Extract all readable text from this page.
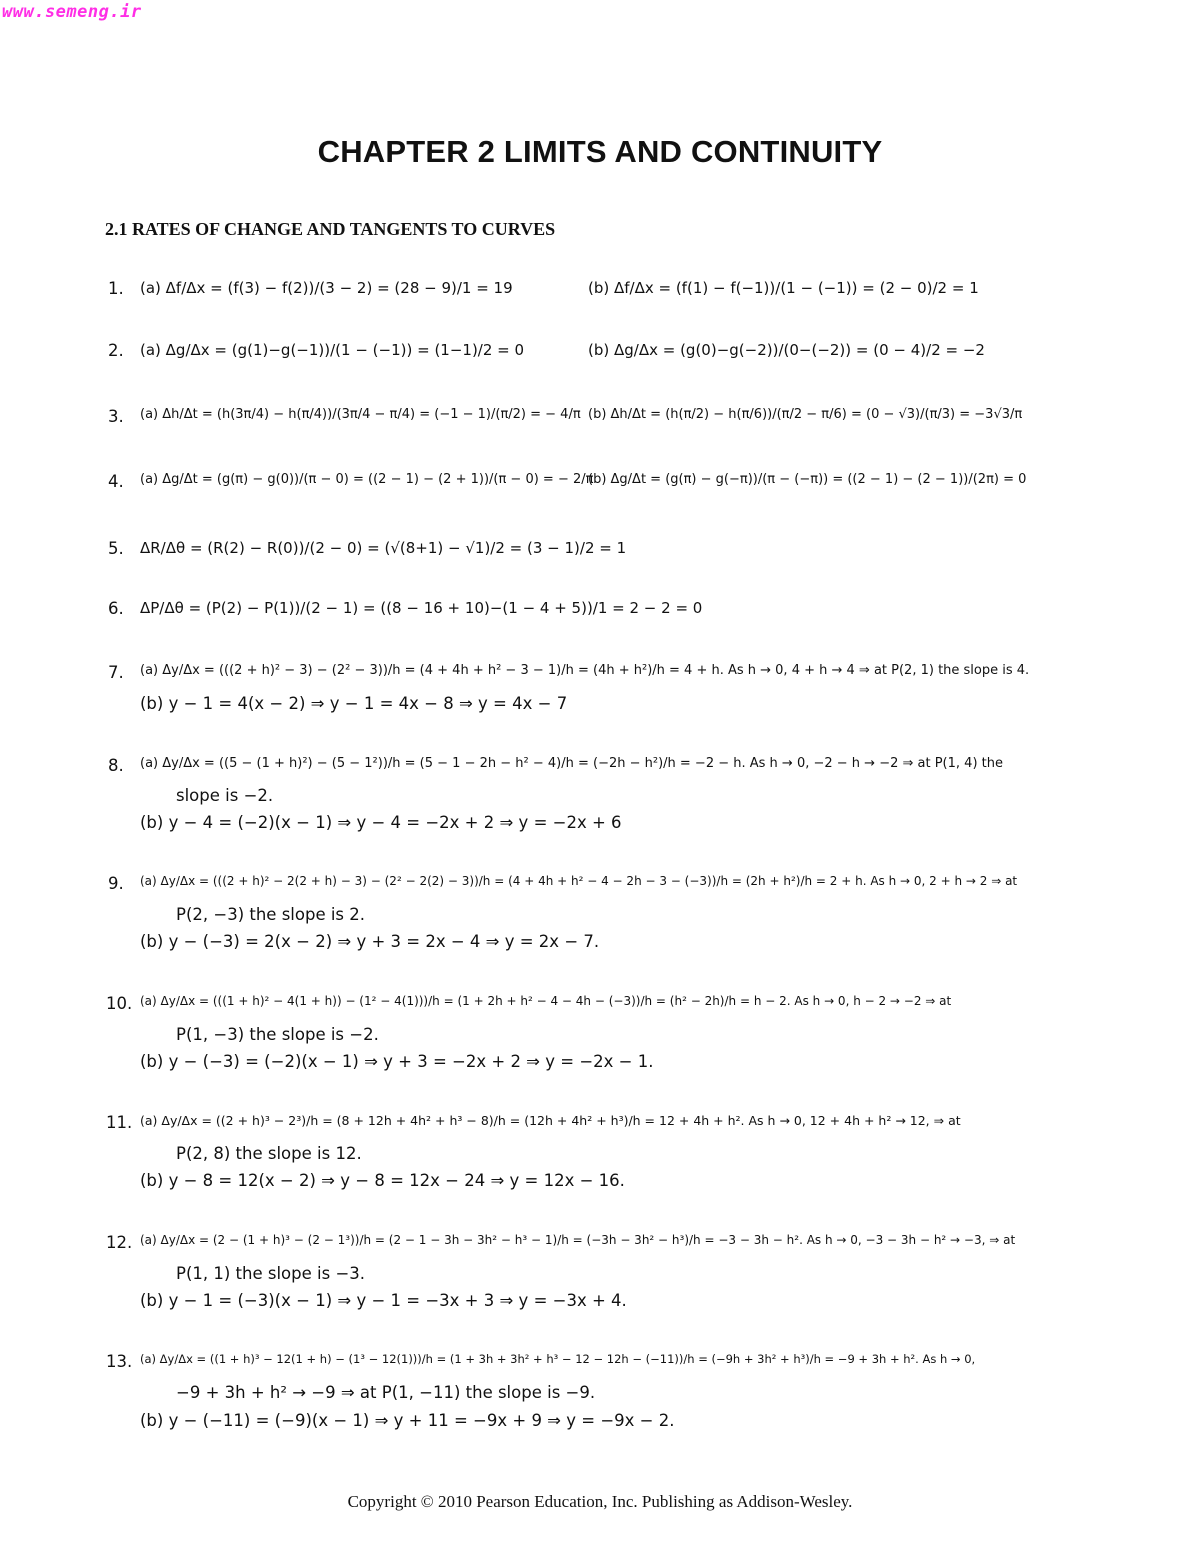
www.semeng.ir
CHAPTER 2 LIMITS AND CONTINUITY
2.1 RATES OF CHANGE AND TANGENTS TO CURVES
1. (a) Δf/Δx = (f(3) − f(2))/(3 − 2) = (28 − 9)/1 = 19	(b) Δf/Δx = (f(1) − f(−1))/(1 − (−1)) = (2 − 0)/2 = 1
2. (a) Δg/Δx = (g(1)−g(−1))/(1 − (−1)) = (1−1)/2 = 0	(b) Δg/Δx = (g(0)−g(−2))/(0−(−2)) = (0 − 4)/2 = −2
3. (a) Δh/Δt = (h(3π/4) − h(π/4))/(3π/4 − π/4) = (−1 − 1)/(π/2) = − 4/π (b) Δh/Δt = (h(π/2) − h(π/6))/(π/2 − π/6) = (0 − √3)/(π/3) = −3√3/π
4. (a) Δg/Δt = (g(π) − g(0))/(π − 0) = ((2 − 1) − (2 + 1))/(π − 0) = − 2/π
(b) Δg/Δt = (g(π) − g(−π))/(π − (−π)) = ((2 − 1) − (2 − 1))/(2π) = 0
5. ΔR/Δθ = (R(2) − R(0))/(2 − 0) = (√(8+1) − √1)/2 = (3 − 1)/2 = 1
6. ΔP/Δθ = (P(2) − P(1))/(2 − 1) = ((8 − 16 + 10)−(1 − 4 + 5))/1 = 2 − 2 = 0
7. (a) Δy/Δx = (((2 + h)² − 3) − (2² − 3))/h = (4 + 4h + h² − 3 − 1)/h = (4h + h²)/h = 4 + h. As h → 0, 4 + h → 4 ⇒ at P(2, 1) the slope is 4.
(b) y − 1 = 4(x − 2) ⇒ y − 1 = 4x − 8 ⇒ y = 4x − 7
8. (a) Δy/Δx = ((5 − (1 + h)²) − (5 − 1²))/h = (5 − 1 − 2h − h² − 4)/h = (−2h − h²)/h = −2 − h. As h → 0, −2 − h → −2 ⇒ at P(1, 4) the
slope is −2.
(b) y − 4 = (−2)(x − 1) ⇒ y − 4 = −2x + 2 ⇒ y = −2x + 6
9. (a) Δy/Δx = (((2 + h)² − 2(2 + h) − 3) − (2² − 2(2) − 3))/h = (4 + 4h + h² − 4 − 2h − 3 − (−3))/h = (2h + h²)/h = 2 + h. As h → 0, 2 + h → 2 ⇒ at
P(2, −3) the slope is 2.
(b) y − (−3) = 2(x − 2) ⇒ y + 3 = 2x − 4 ⇒ y = 2x − 7.
10. (a) Δy/Δx = (((1 + h)² − 4(1 + h)) − (1² − 4(1)))/h = (1 + 2h + h² − 4 − 4h − (−3))/h = (h² − 2h)/h = h − 2. As h → 0, h − 2 → −2 ⇒ at
P(1, −3) the slope is −2.
(b) y − (−3) = (−2)(x − 1) ⇒ y + 3 = −2x + 2 ⇒ y = −2x − 1.
11. (a) Δy/Δx = ((2 + h)³ − 2³)/h = (8 + 12h + 4h² + h³ − 8)/h = (12h + 4h² + h³)/h = 12 + 4h + h². As h → 0, 12 + 4h + h² → 12, ⇒ at
P(2, 8) the slope is 12.
(b) y − 8 = 12(x − 2) ⇒ y − 8 = 12x − 24 ⇒ y = 12x − 16.
12. (a) Δy/Δx = (2 − (1 + h)³ − (2 − 1³))/h = (2 − 1 − 3h − 3h² − h³ − 1)/h = (−3h − 3h² − h³)/h = −3 − 3h − h². As h → 0, −3 − 3h − h² → −3, ⇒ at
P(1, 1) the slope is −3.
(b) y − 1 = (−3)(x − 1) ⇒ y − 1 = −3x + 3 ⇒ y = −3x + 4.
13. (a) Δy/Δx = ((1 + h)³ − 12(1 + h) − (1³ − 12(1)))/h = (1 + 3h + 3h² + h³ − 12 − 12h − (−11))/h = (−9h + 3h² + h³)/h = −9 + 3h + h². As h → 0,
−9 + 3h + h² → −9 ⇒ at P(1, −11) the slope is −9.
(b) y − (−11) = (−9)(x − 1) ⇒ y + 11 = −9x + 9 ⇒ y = −9x − 2.
Copyright © 2010 Pearson Education, Inc. Publishing as Addison-Wesley.
